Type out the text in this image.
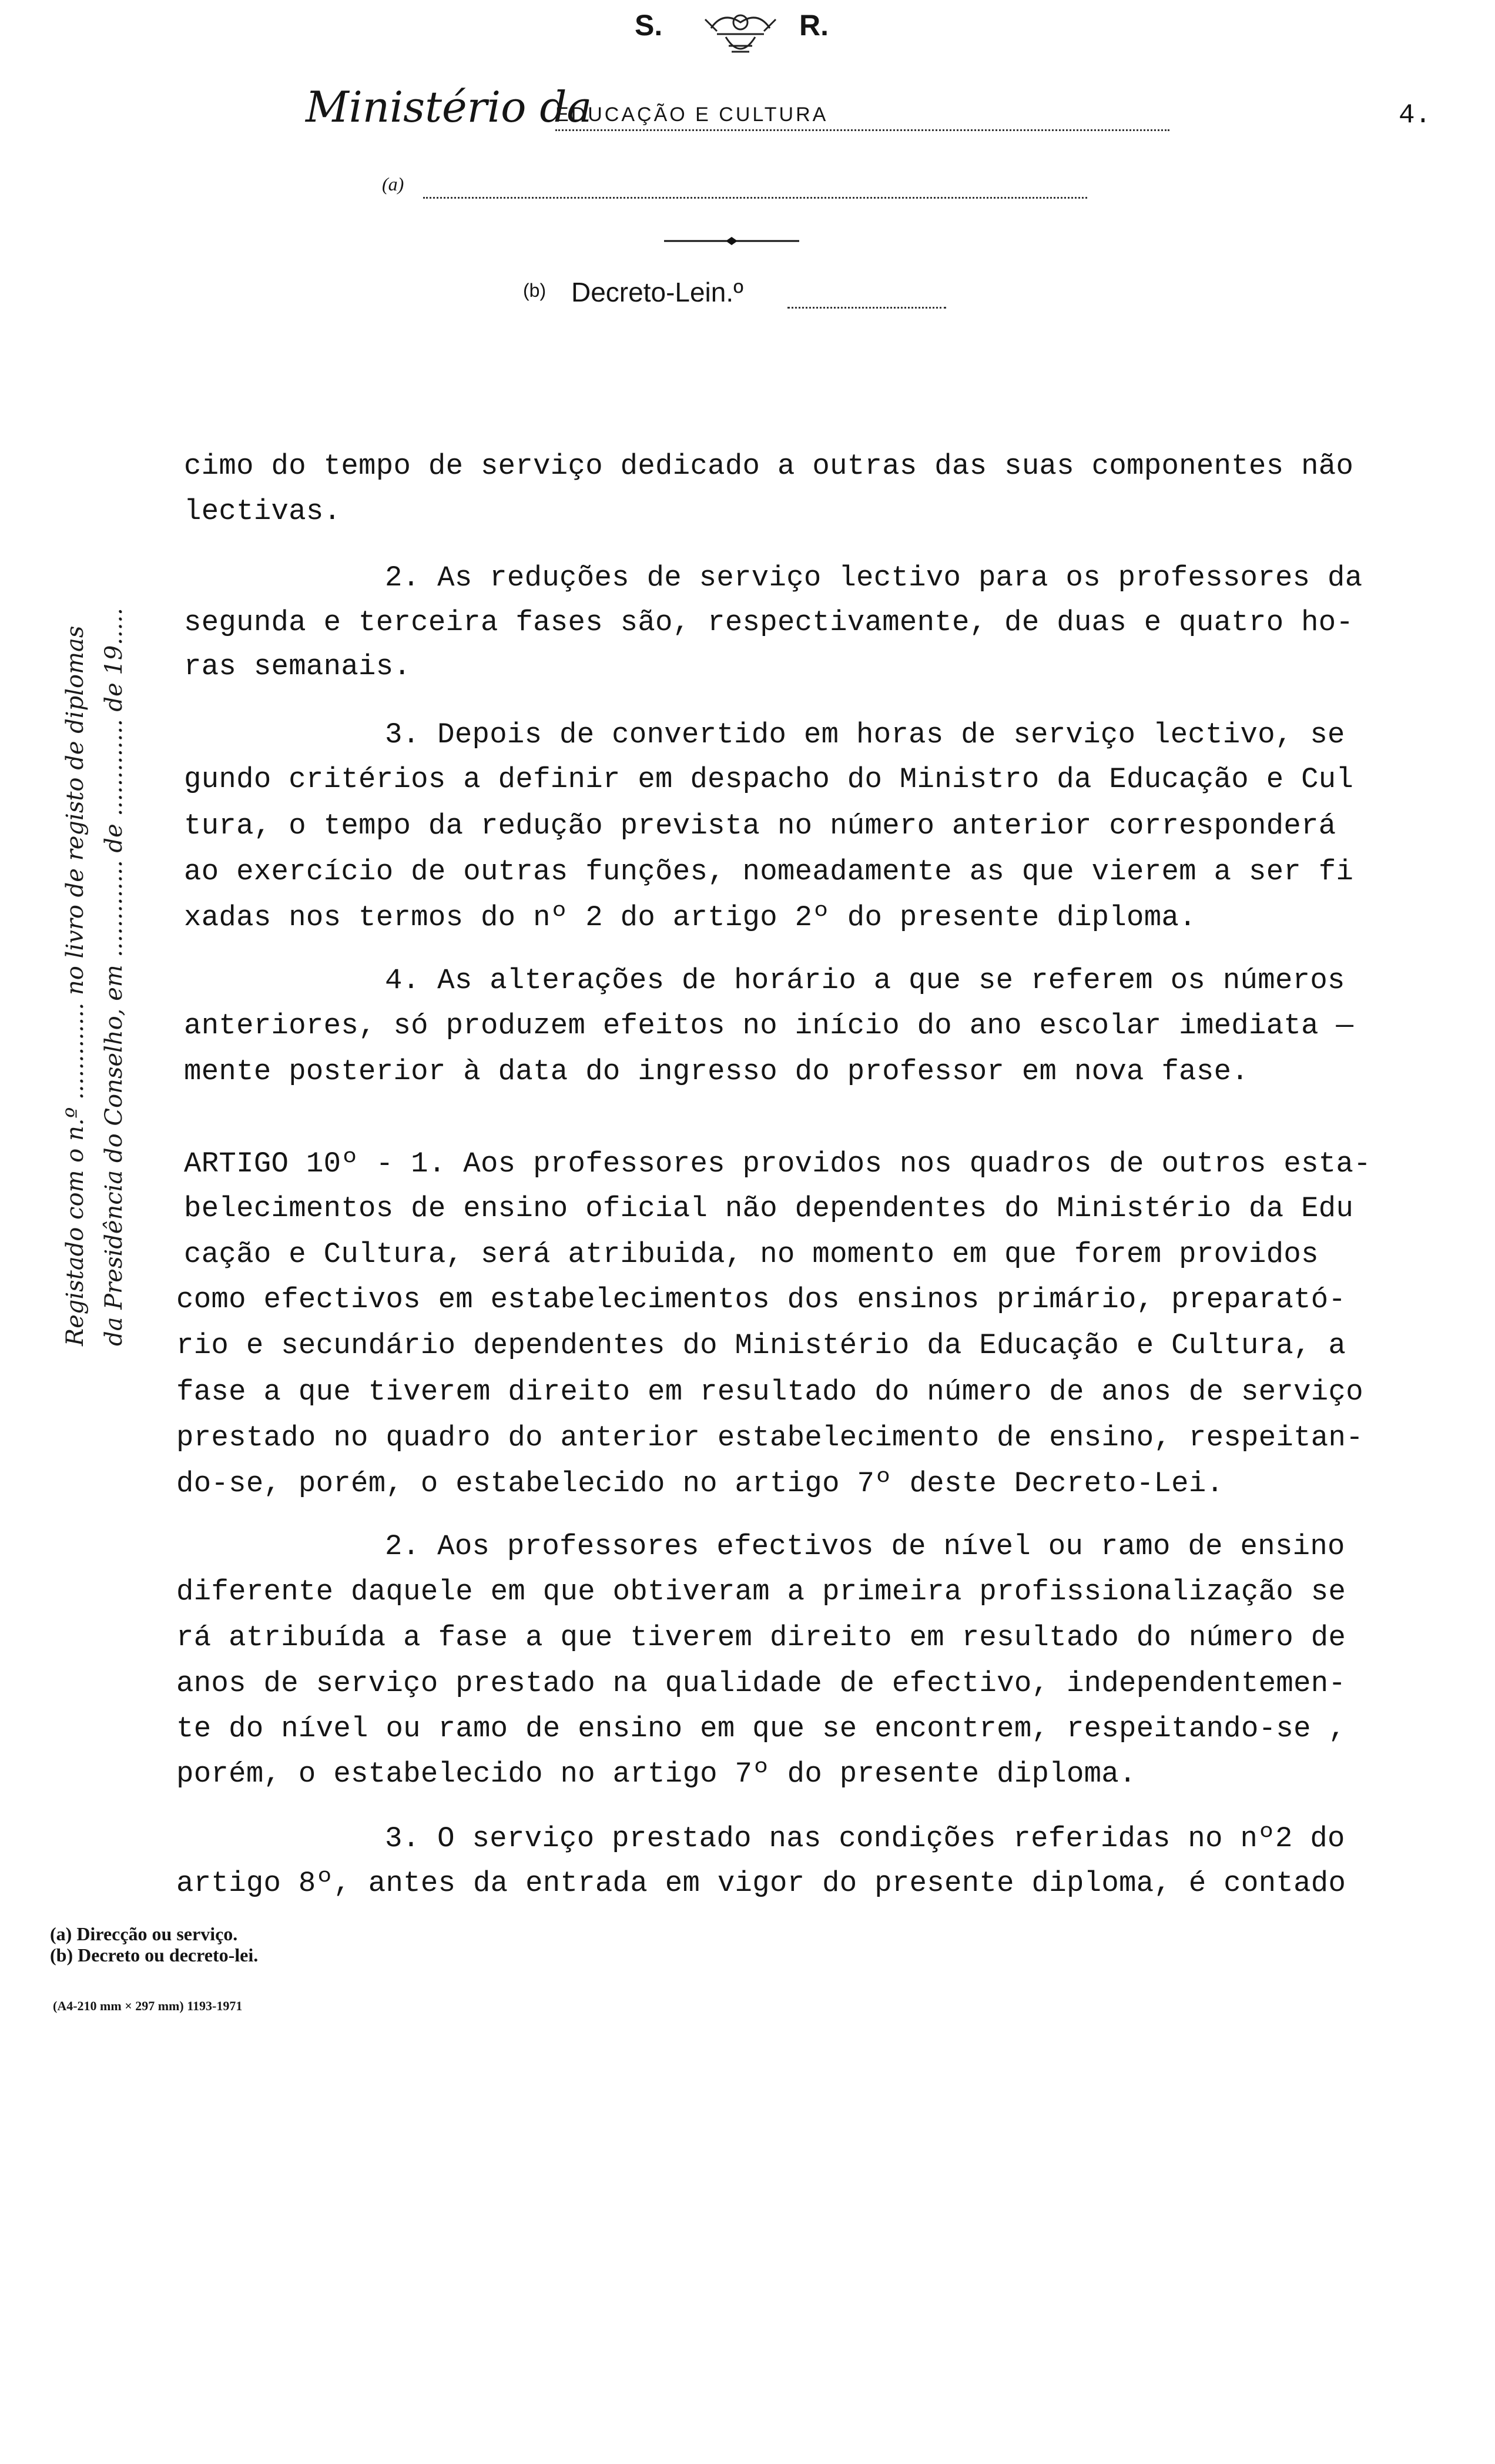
S.	R.
Ministério da
EDUCAÇÃO E CULTURA	4.
(a)
(b) Decreto-Lein.º
Registado com o n.º ............. no livro de registo de diplomas da Presidência do Conselho, em ............. de ............. de 19.....
cimo do tempo de serviço dedicado a outras das suas componentes não
lectivas.
2. As reduções de serviço lectivo para os professores da
segunda e terceira fases são, respectivamente, de duas e quatro ho-
ras semanais.
3. Depois de convertido em horas de serviço lectivo, se
gundo critérios a definir em despacho do Ministro da Educação e Cul
tura, o tempo da redução prevista no número anterior corresponderá
ao exercício de outras funções, nomeadamente as que vierem a ser fi
xadas nos termos do nº 2 do artigo 2º do presente diploma.
4. As alterações de horário a que se referem os números
anteriores, só produzem efeitos no início do ano escolar imediata —
mente posterior à data do ingresso do professor em nova fase.
ARTIGO 10º - 1. Aos professores providos nos quadros de outros esta-
belecimentos de ensino oficial não dependentes do Ministério da Edu
cação e Cultura, será atribuida, no momento em que forem providos
como efectivos em estabelecimentos dos ensinos primário, preparató-
rio e secundário dependentes do Ministério da Educação e Cultura, a
fase a que tiverem direito em resultado do número de anos de serviço
prestado no quadro do anterior estabelecimento de ensino, respeitan-
do-se, porém, o estabelecido no artigo 7º deste Decreto-Lei.
2. Aos professores efectivos de nível ou ramo de ensino
diferente daquele em que obtiveram a primeira profissionalização se
rá atribuída a fase a que tiverem direito em resultado do número de
anos de serviço prestado na qualidade de efectivo, independentemen-
te do nível ou ramo de ensino em que se encontrem, respeitando-se ,
porém, o estabelecido no artigo 7º do presente diploma.
3. O serviço prestado nas condições referidas no nº2 do
artigo 8º, antes da entrada em vigor do presente diploma, é contado
(a) Direcção ou serviço.
(b) Decreto ou decreto-lei.
(A4-210 mm × 297 mm) 1193-1971
